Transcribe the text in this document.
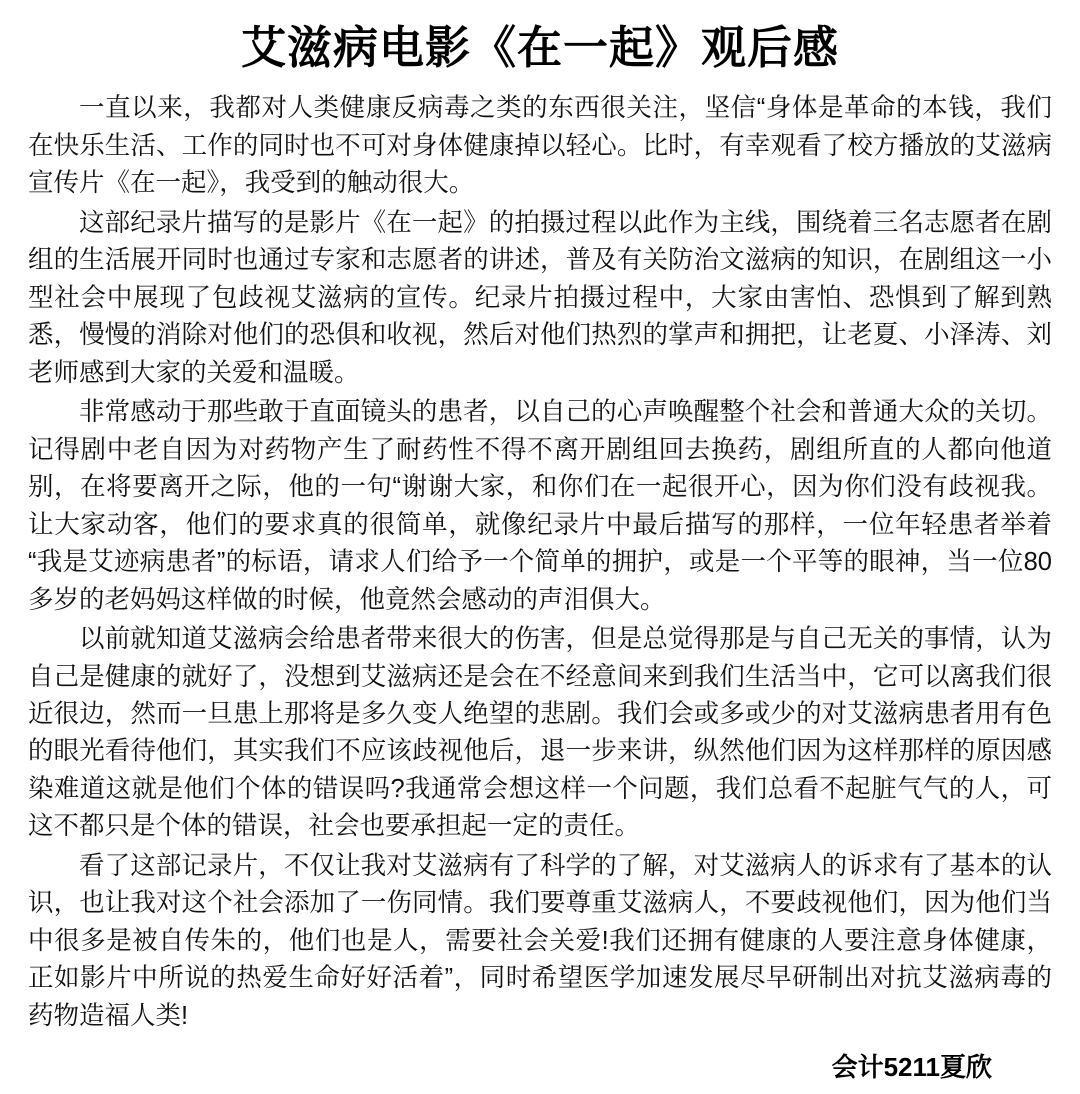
艾滋病电影《在一起》观后感

一直以来，我都对人类健康反病毒之类的东西很关注，坚信“身体是革命的本钱，我们在快乐生活、工作的同时也不可对身体健康掉以轻心。比时，有幸观看了校方播放的艾滋病宣传片《在一起》，我受到的触动很大。

这部纪录片描写的是影片《在一起》的拍摄过程以此作为主线，围绕着三名志愿者在剧组的生活展开同时也通过专家和志愿者的讲述，普及有关防治文滋病的知识，在剧组这一小型社会中展现了包歧视艾滋病的宣传。纪录片拍摄过程中，大家由害怕、恐惧到了解到熟悉，慢慢的消除对他们的恐俱和收视，然后对他们热烈的掌声和拥把，让老夏、小泽涛、刘老师感到大家的关爱和温暖。

非常感动于那些敢于直面镜头的患者，以自己的心声唤醒整个社会和普通大众的关切。记得剧中老自因为对药物产生了耐药性不得不离开剧组回去换药，剧组所直的人都向他道别，在将要离开之际，他的一句“谢谢大家，和你们在一起很开心，因为你们没有歧视我。让大家动客，他们的要求真的很简单，就像纪录片中最后描写的那样，一位年轻患者举着“我是艾迹病患者”的标语，请求人们给予一个简单的拥护，或是一个平等的眼神，当一位80多岁的老妈妈这样做的时候，他竟然会感动的声泪俱大。

以前就知道艾滋病会给患者带来很大的伤害，但是总觉得那是与自己无关的事情，认为自己是健康的就好了，没想到艾滋病还是会在不经意间来到我们生活当中，它可以离我们很近很边，然而一旦患上那将是多久变人绝望的悲剧。我们会或多或少的对艾滋病患者用有色的眼光看待他们，其实我们不应该歧视他后，退一步来讲，纵然他们因为这样那样的原因感染难道这就是他们个体的错误吗?我通常会想这样一个问题，我们总看不起脏气气的人，可这不都只是个体的错误，社会也要承担起一定的责任。

看了这部记录片，不仅让我对艾滋病有了科学的了解，对艾滋病人的诉求有了基本的认识，也让我对这个社会添加了一伤同情。我们要尊重艾滋病人，不要歧视他们，因为他们当中很多是被自传朱的，他们也是人，需要社会关爱!我们还拥有健康的人要注意身体健康，正如影片中所说的热爱生命好好活着”，同时希望医学加速发展尽早研制出对抗艾滋病毒的药物造福人类!

会计5211夏欣
